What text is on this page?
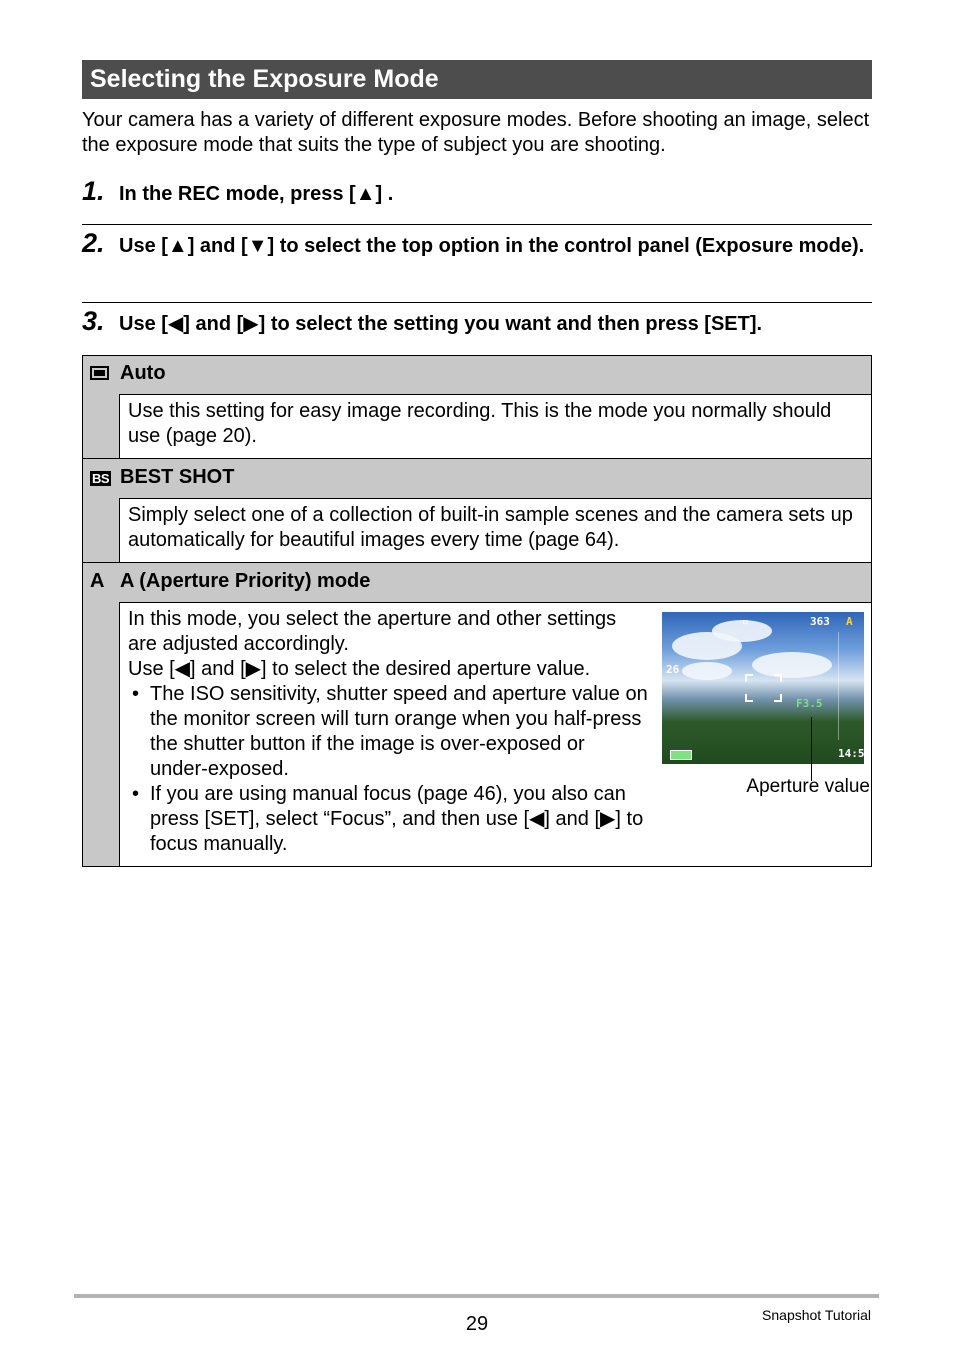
Selecting the Exposure Mode

Your camera has a variety of different exposure modes. Before shooting an image, select the exposure mode that suits the type of subject you are shooting.

1. In the REC mode, press [▲] .
2. Use [▲] and [▼] to select the top option in the control panel (Exposure mode).
3. Use [◀] and [▶] to select the setting you want and then press [SET].
Auto
Use this setting for easy image recording. This is the mode you normally should use (page 20).
BS BEST SHOT
Simply select one of a collection of built-in sample scenes and the camera sets up automatically for beautiful images every time (page 64).
A A (Aperture Priority) mode

In this mode, you select the aperture and other settings are adjusted accordingly.

Use [◀] and [▶] to select the desired aperture value.

• The ISO sensitivity, shutter speed and aperture value on the monitor screen will turn orange when you half-press the shutter button if the image is over-exposed or under-exposed.

• If you are using manual focus (page 46), you also can press [SET], select “Focus”, and then use [◀] and [▶] to focus manually.

▫	363 A
26
F3.5
14:54
Aperture value
29	Snapshot Tutorial
